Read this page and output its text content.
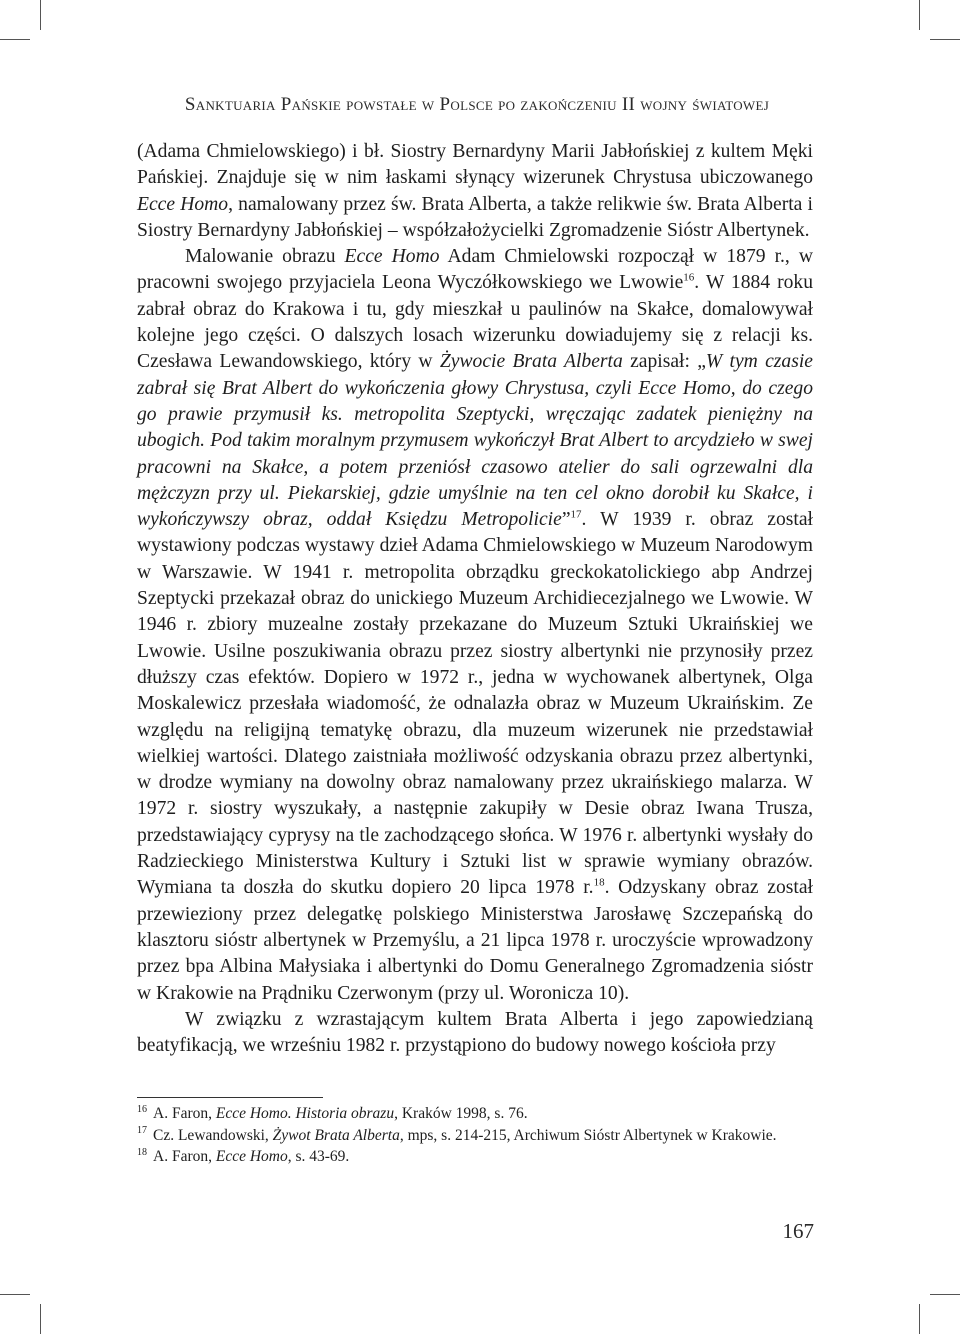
Sanktuaria Pańskie powstałe w Polsce po zakończeniu II wojny światowej

(Adama Chmielowskiego) i bł. Siostry Bernardyny Marii Jabłońskiej z kultem Męki Pańskiej. Znajduje się w nim łaskami słynący wizerunek Chrystusa ubiczowanego Ecce Homo, namalowany przez św. Brata Alberta, a także relikwie św. Brata Alberta i Siostry Bernardyny Jabłońskiej – współzałożycielki Zgromadzenie Sióstr Albertynek.

Malowanie obrazu Ecce Homo Adam Chmielowski rozpoczął w 1879 r., w pracowni swojego przyjaciela Leona Wyczółkowskiego we Lwowie$^{16}$. W 1884 roku zabrał obraz do Krakowa i tu, gdy mieszkał u paulinów na Skałce, domalowywał kolejne jego części. O dalszych losach wizerunku dowiadujemy się z relacji ks. Czesława Lewandowskiego, który w Żywocie Brata Alberta zapisał: „W tym czasie zabrał się Brat Albert do wykończenia głowy Chrystusa, czyli Ecce Homo, do czego go prawie przymusił ks. metropolita Szeptycki, wręczając zadatek pieniężny na ubogich. Pod takim moralnym przymusem wykończył Brat Albert to arcydzieło w swej pracowni na Skałce, a potem przeniósł czasowo atelier do sali ogrzewalni dla mężczyzn przy ul. Piekarskiej, gdzie umyślnie na ten cel okno dorobił ku Skałce, i wykończywszy obraz, oddał Księdzu Metropolicie”$^{17}$. W 1939 r. obraz został wystawiony podczas wystawy dzieł Adama Chmielowskiego w Muzeum Narodowym w Warszawie. W 1941 r. metropolita obrządku greckokatolickiego abp Andrzej Szeptycki przekazał obraz do unickiego Muzeum Archidiecezjalnego we Lwowie. W 1946 r. zbiory muzealne zostały przekazane do Muzeum Sztuki Ukraińskiej we Lwowie. Usilne poszukiwania obrazu przez siostry albertynki nie przynosiły przez dłuższy czas efektów. Dopiero w 1972 r., jedna w wychowanek albertynek, Olga Moskalewicz przesłała wiadomość, że odnalazła obraz w Muzeum Ukraińskim. Ze względu na religijną tematykę obrazu, dla muzeum wizerunek nie przedstawiał wielkiej wartości. Dlatego zaistniała możliwość odzyskania obrazu przez albertynki, w drodze wymiany na dowolny obraz namalowany przez ukraińskiego malarza. W 1972 r. siostry wyszukały, a następnie zakupiły w Desie obraz Iwana Trusza, przedstawiający cyprysy na tle zachodzącego słońca. W 1976 r. albertynki wysłały do Radzieckiego Ministerstwa Kultury i Sztuki list w sprawie wymiany obrazów. Wymiana ta doszła do skutku dopiero 20 lipca 1978 r.$^{18}$. Odzyskany obraz został przewieziony przez delegatkę polskiego Ministerstwa Jarosławę Szczepańską do klasztoru sióstr albertynek w Przemyślu, a 21 lipca 1978 r. uroczyście wprowadzony przez bpa Albina Małysiaka i albertynki do Domu Generalnego Zgromadzenia sióstr w Krakowie na Prądniku Czerwonym (przy ul. Woronicza 10).

W związku z wzrastającym kultem Brata Alberta i jego zapowiedzianą beatyfikacją, we wrześniu 1982 r. przystąpiono do budowy nowego kościoła przy

$^{16}$ A. Faron, Ecce Homo. Historia obrazu, Kraków 1998, s. 76.

$^{17}$ Cz. Lewandowski, Żywot Brata Alberta, mps, s. 214-215, Archiwum Sióstr Albertynek w Krakowie.

$^{18}$ A. Faron, Ecce Homo, s. 43-69.

167
